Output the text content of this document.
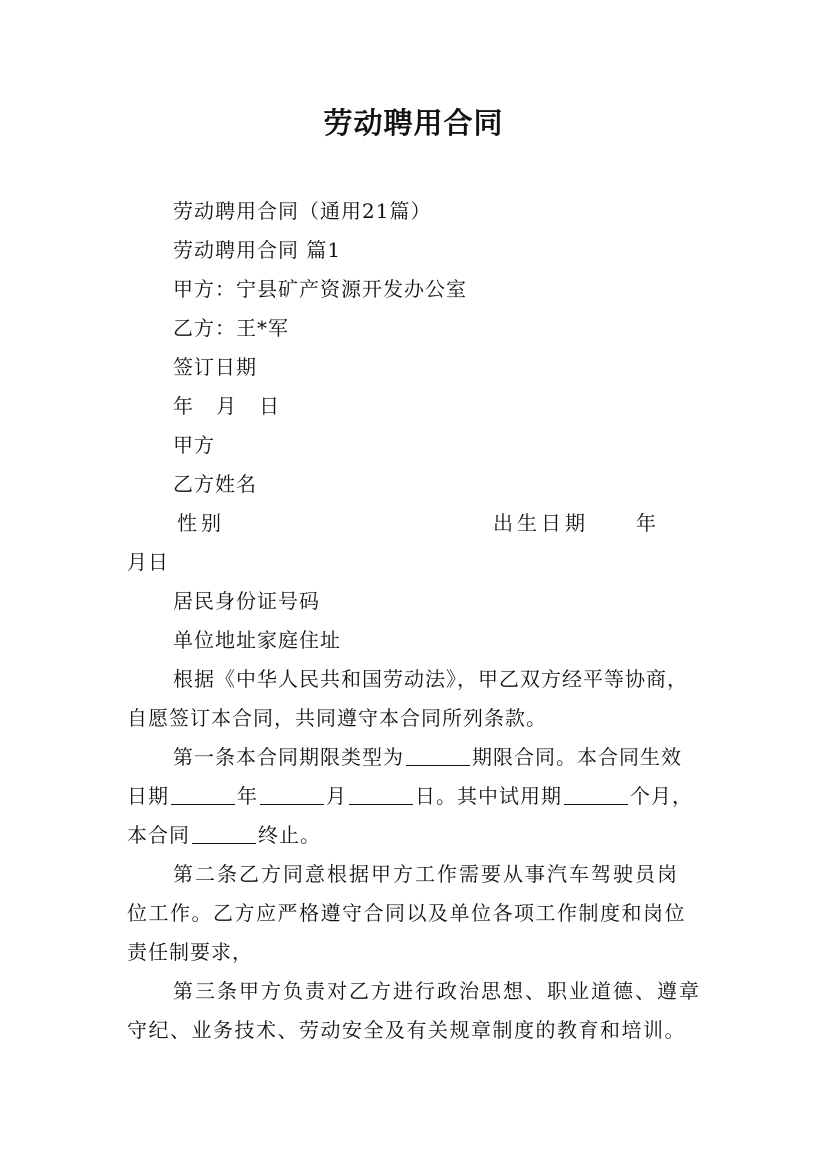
劳动聘用合同
劳动聘用合同（通用21篇）
劳动聘用合同 篇1
甲方：宁县矿产资源开发办公室
乙方：王*军
签订日期
年   月   日
甲方
乙方姓名
性别	出生日期 年
月日
居民身份证号码
单位地址家庭住址
根据《中华人民共和国劳动法》，甲乙双方经平等协商，
自愿签订本合同，共同遵守本合同所列条款。
第一条本合同期限类型为	期限合同。本合同生效
日期	年	月	日。其中试用期	个月，
本合同	终止。
第二条乙方同意根据甲方工作需要从事汽车驾驶员岗
位工作。乙方应严格遵守合同以及单位各项工作制度和岗位
责任制要求，
第三条甲方负责对乙方进行政治思想、职业道德、遵章
守纪、业务技术、劳动安全及有关规章制度的教育和培训。
